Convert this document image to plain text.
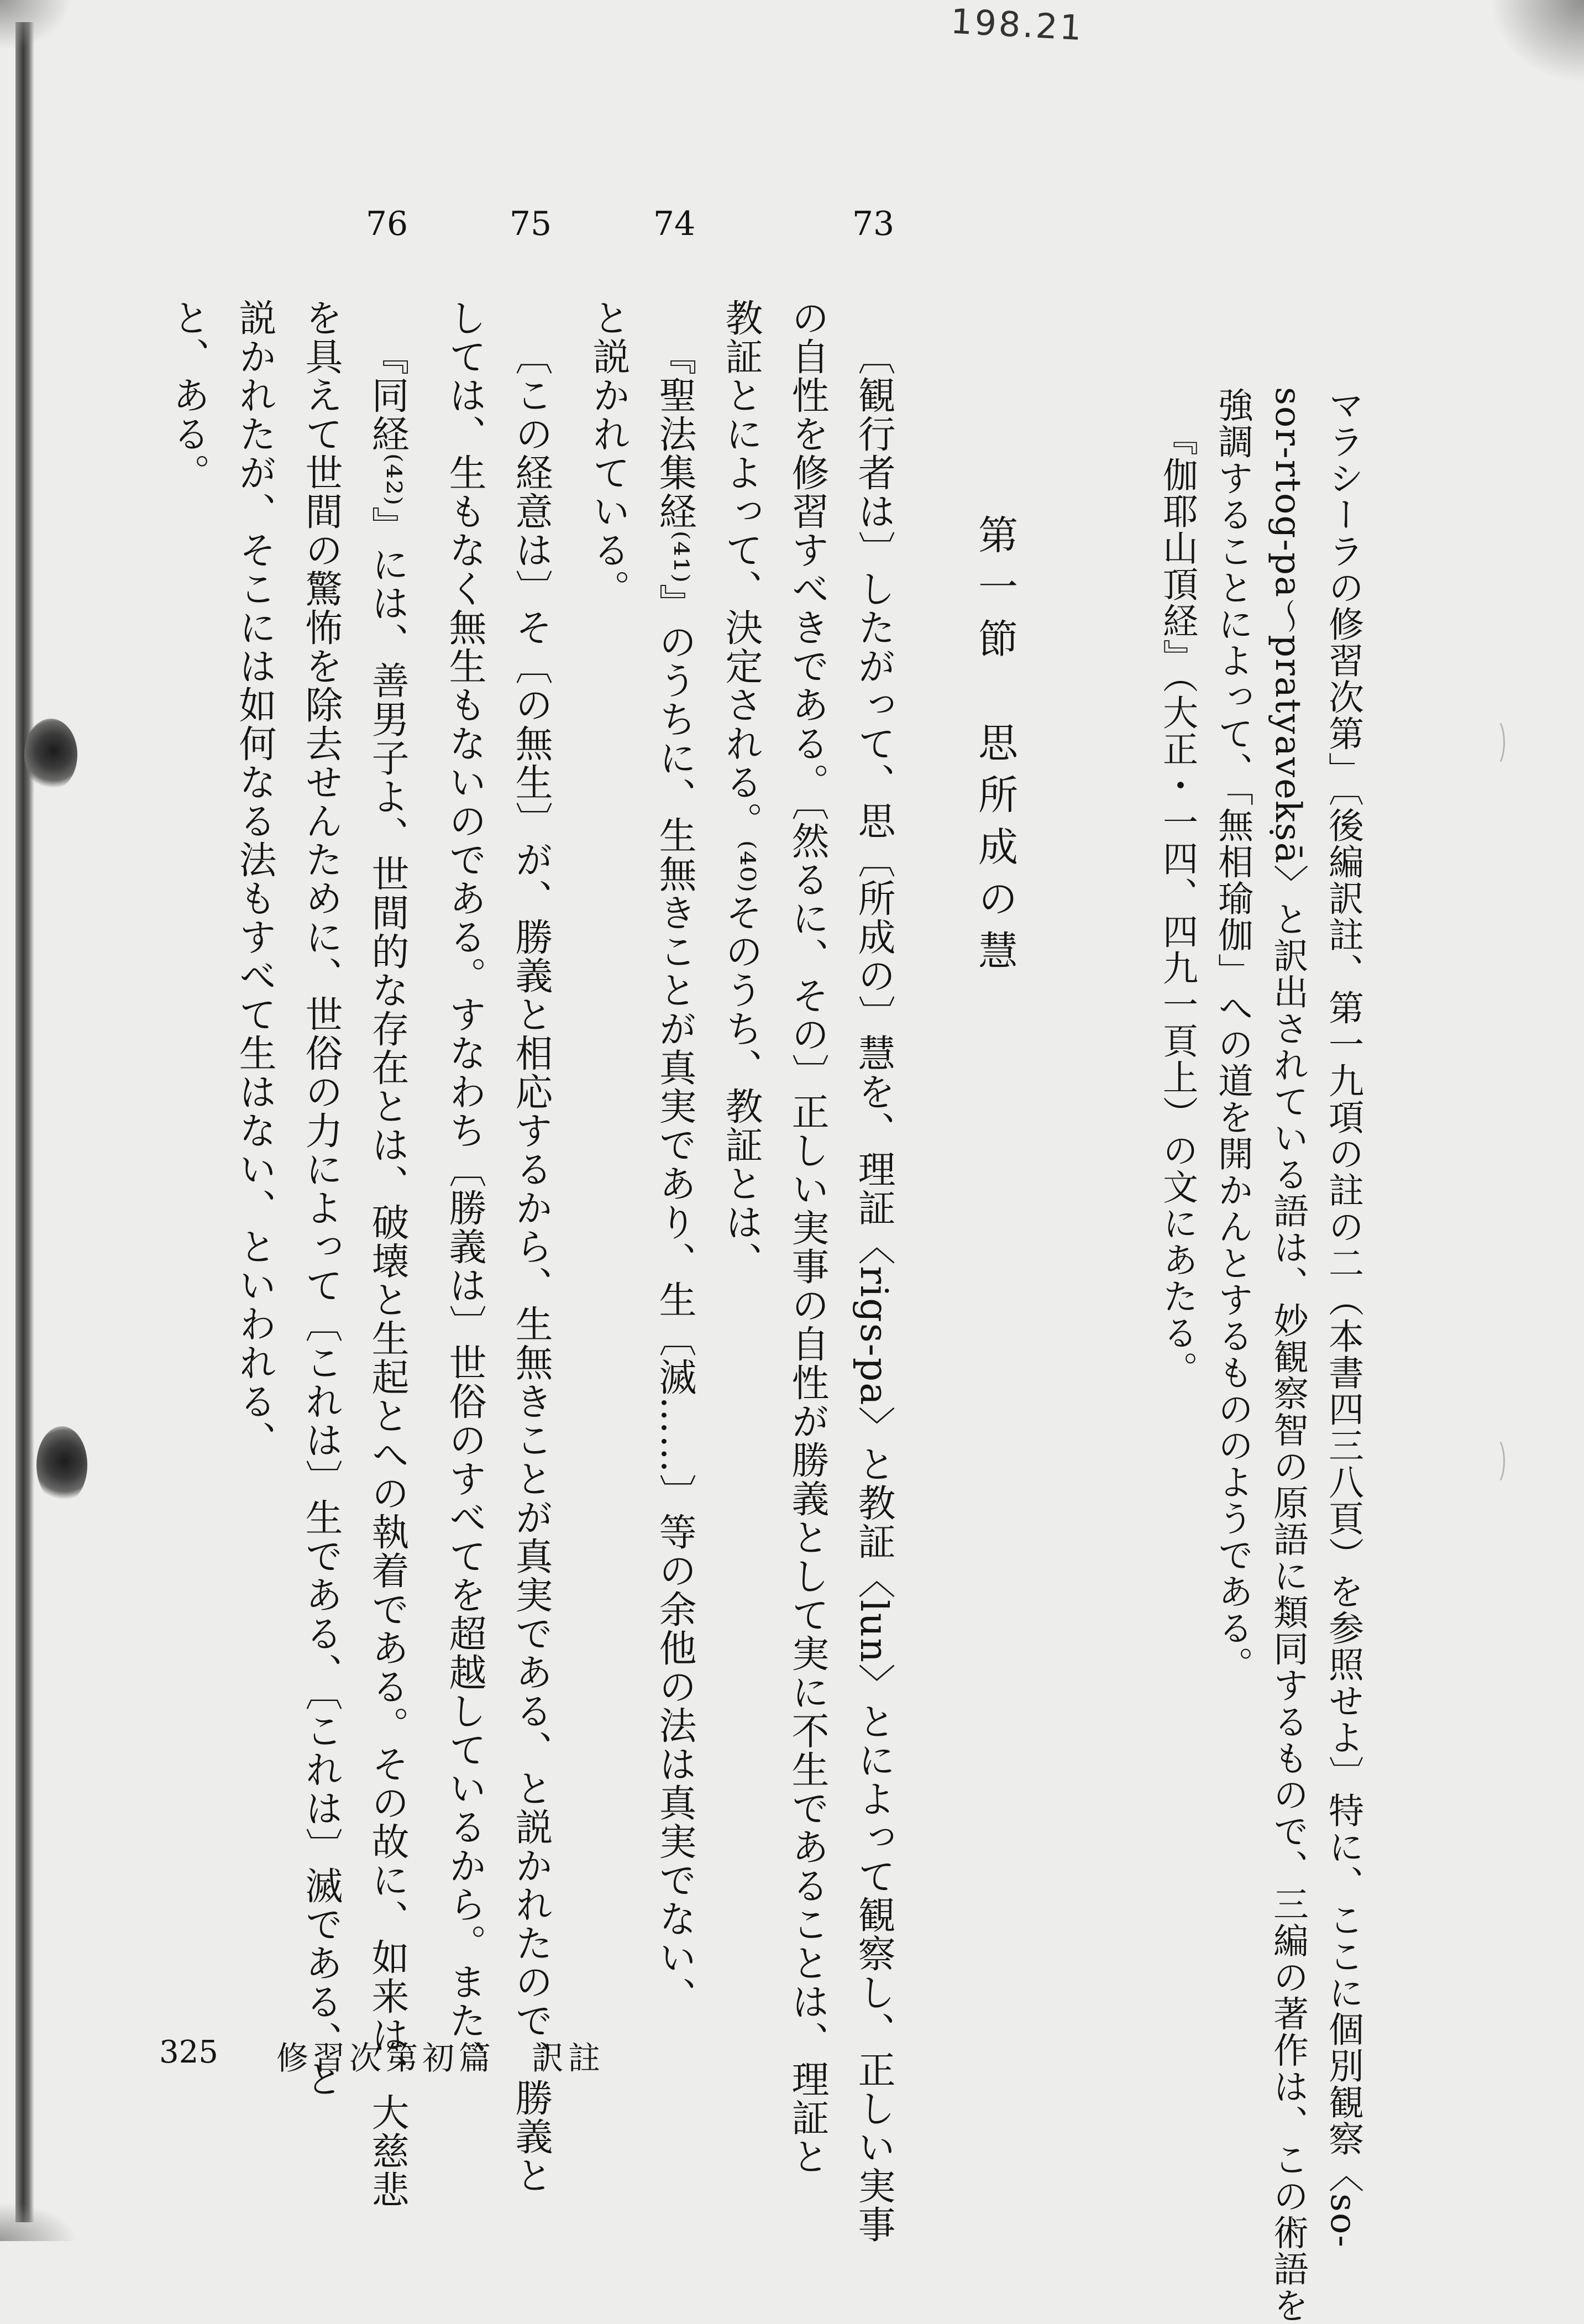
198.21
マラシーラの修習次第」〔後編訳註、第一九項の註の二（本書四三八頁）を参照せよ〕特に、ここに個別観察〈so-
sor-rtog-pa～pratyavekṣā〉と訳出されている語は、妙観察智の原語に類同するもので、三編の著作は、この術語を
強調することによって、「無相瑜伽」への道を開かんとするもののようである。
『伽耶山頂経』（大正・一四、四九一頁上）の文にあたる。
第一節　思所成の慧
73
〔観行者は〕したがって、思〔所成の〕慧を、理証〈rigs-pa〉と教証〈lun〉とによって観察し、正しい実事
の自性を修習すべきである。〔然るに、その〕正しい実事の自性が勝義として実に不生であることは、理証と
教証とによって、決定される。⁽⁴⁰⁾そのうち、教証とは、
74
『聖法集経⁽⁴¹⁾』のうちに、生無きことが真実であり、生〔滅……〕等の余他の法は真実でない、
と説かれている。
75
〔この経意は〕そ〔の無生〕が、勝義と相応するから、生無きことが真実である、と説かれたので、勝義と
しては、生もなく無生もないのである。すなわち〔勝義は〕世俗のすべてを超越しているから。また、
76
『同経⁽⁴²⁾』には、善男子よ、世間的な存在とは、破壊と生起とへの執着である。その故に、如来は、大慈悲
を具えて世間の驚怖を除去せんために、世俗の力によって〔これは〕生である、〔これは〕滅である、と
説かれたが、そこには如何なる法もすべて生はない、といわれる、
と、ある。
325 修習次第初篇　訳註
